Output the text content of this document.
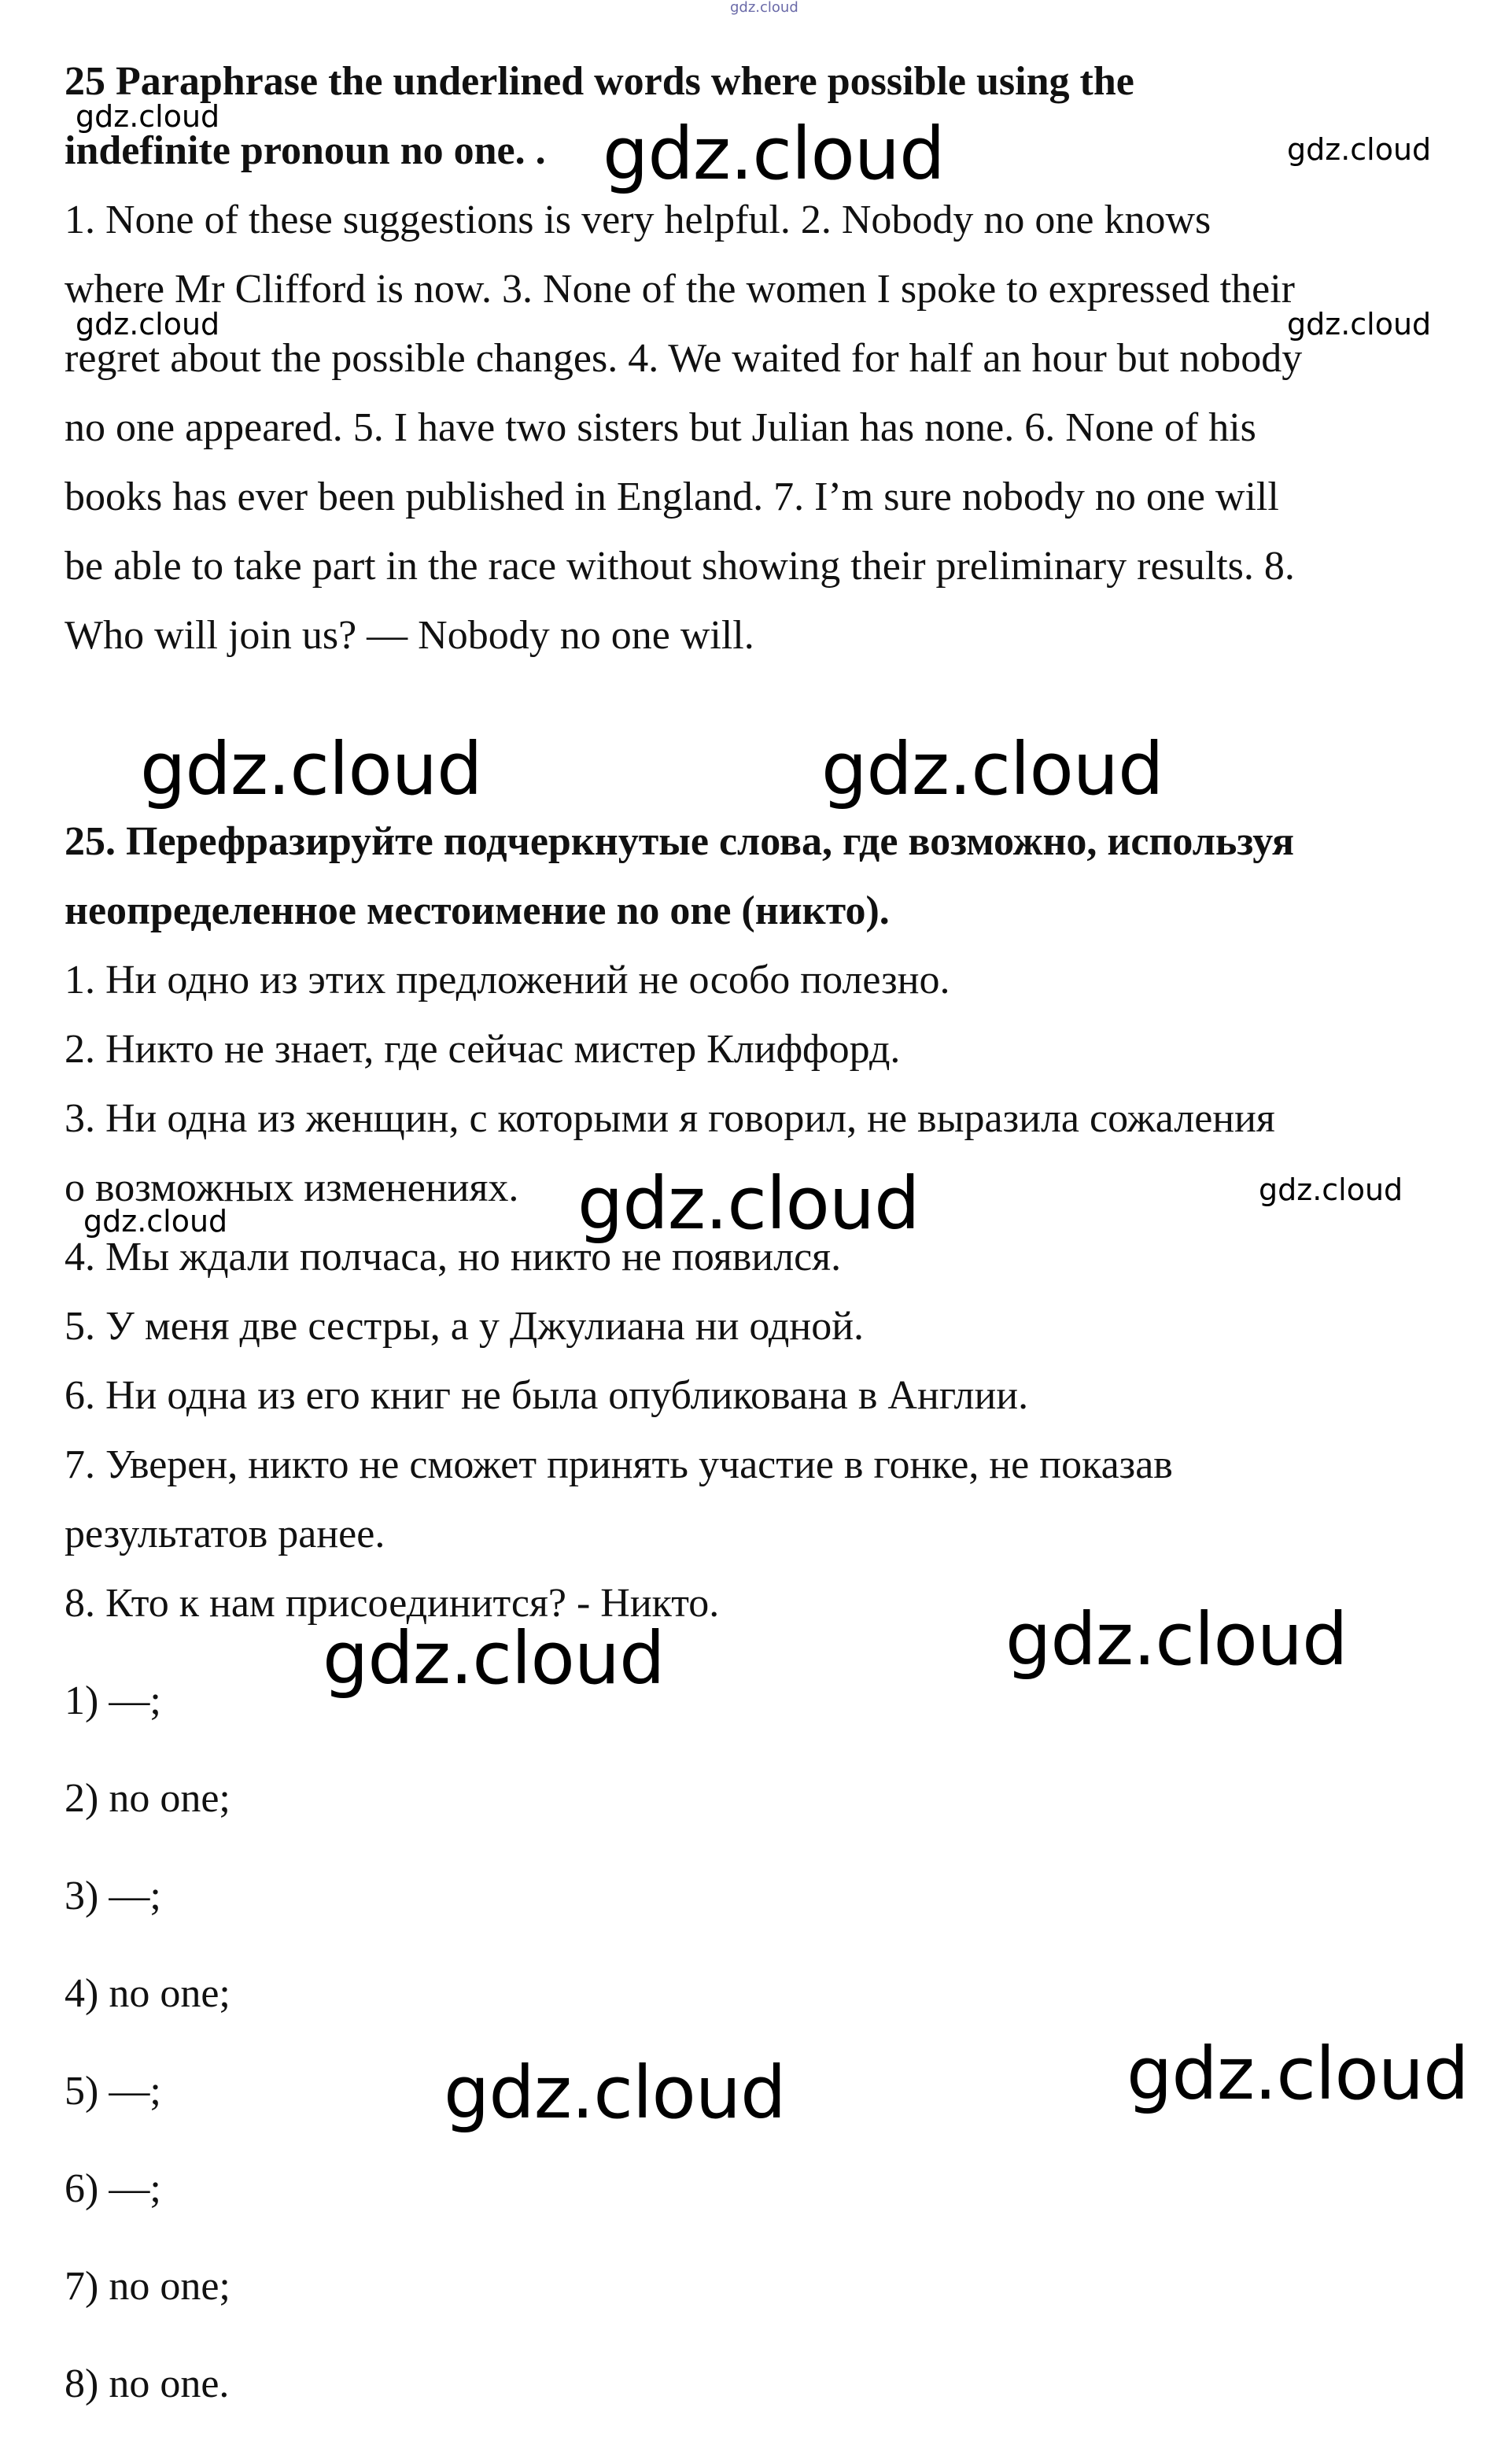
gdz.cloud
25 Paraphrase the underlined words where possible using the
indefinite pronoun no one. .
1. None of these suggestions is very helpful. 2. Nobody no one knows
where Mr Clifford is now. 3. None of the women I spoke to expressed their
regret about the possible changes. 4. We waited for half an hour but nobody
no one appeared. 5. I have two sisters but Julian has none. 6. None of his
books has ever been published in England. 7. I’m sure nobody no one will
be able to take part in the race without showing their preliminary results. 8.
Who will join us? — Nobody no one will.
25. Перефразируйте подчеркнутые слова, где возможно, используя
неопределенное местоимение no one (никто).
1. Ни одно из этих предложений не особо полезно.
2. Никто не знает, где сейчас мистер Клиффорд.
3. Ни одна из женщин, с которыми я говорил, не выразила сожаления
о возможных изменениях.
4. Мы ждали полчаса, но никто не появился.
5. У меня две сестры, а у Джулиана ни одной.
6. Ни одна из его книг не была опубликована в Англии.
7. Уверен, никто не сможет принять участие в гонке, не показав
результатов ранее.
8. Кто к нам присоединится? - Никто.
1) —;
2) no one;
3) —;
4) no one;
5) —;
6) —;
7) no one;
8) no one.
gdz.cloud	gdz.cloud	gdz.cloud
gdz.cloud	gdz.cloud
gdz.cloud	gdz.cloud
gdz.cloud	gdz.cloud
gdz.cloud
gdz.cloud
gdz.cloud
gdz.cloud
gdz.cloud
